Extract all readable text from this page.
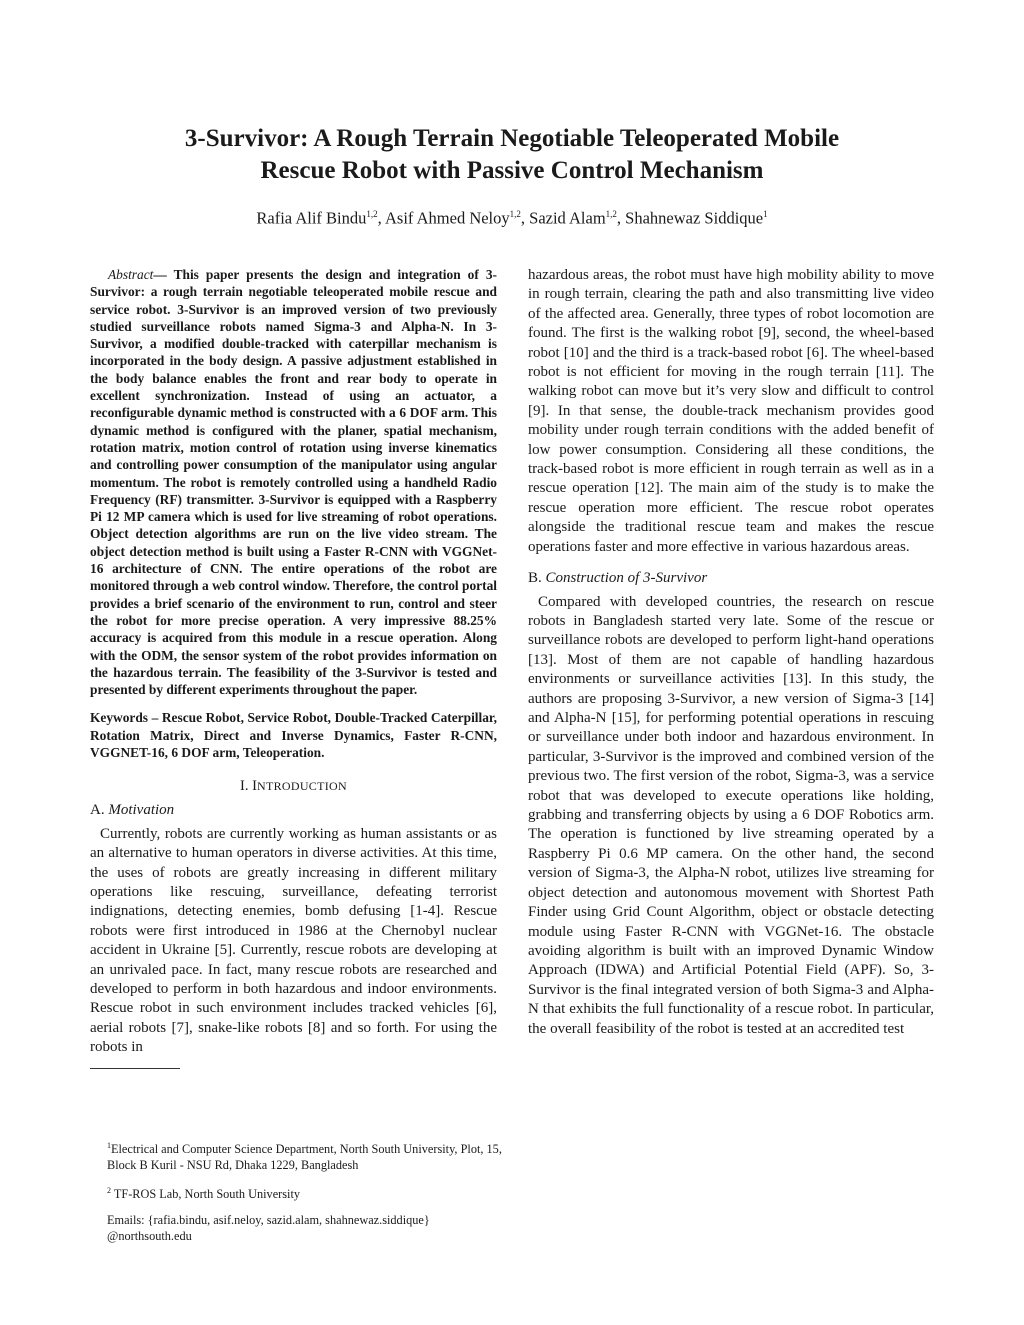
3-Survivor: A Rough Terrain Negotiable Teleoperated Mobile
Rescue Robot with Passive Control Mechanism
Rafia Alif Bindu$^{1,2}$, Asif Ahmed Neloy$^{1,2}$, Sazid Alam$^{1,2}$, Shahnewaz Siddique$^1$

Abstract— This paper presents the design and integration of 3-Survivor: a rough terrain negotiable teleoperated mobile rescue and service robot. 3-Survivor is an improved version of two previously studied surveillance robots named Sigma-3 and Alpha-N. In 3-Survivor, a modified double-tracked with caterpillar mechanism is incorporated in the body design. A passive adjustment established in the body balance enables the front and rear body to operate in excellent synchronization. Instead of using an actuator, a reconfigurable dynamic method is constructed with a 6 DOF arm. This dynamic method is configured with the planer, spatial mechanism, rotation matrix, motion control of rotation using inverse kinematics and controlling power consumption of the manipulator using angular momentum. The robot is remotely controlled using a handheld Radio Frequency (RF) transmitter. 3-Survivor is equipped with a Raspberry Pi 12 MP camera which is used for live streaming of robot operations. Object detection algorithms are run on the live video stream. The object detection method is built using a Faster R-CNN with VGGNet-16 architecture of CNN. The entire operations of the robot are monitored through a web control window. Therefore, the control portal provides a brief scenario of the environment to run, control and steer the robot for more precise operation. A very impressive 88.25% accuracy is acquired from this module in a rescue operation. Along with the ODM, the sensor system of the robot provides information on the hazardous terrain. The feasibility of the 3-Survivor is tested and presented by different experiments throughout the paper.

Keywords – Rescue Robot, Service Robot, Double-Tracked Caterpillar, Rotation Matrix, Direct and Inverse Dynamics, Faster R-CNN, VGGNET-16, 6 DOF arm, Teleoperation.

I. INTRODUCTION
A. Motivation

Currently, robots are currently working as human assistants or as an alternative to human operators in diverse activities. At this time, the uses of robots are greatly increasing in different military operations like rescuing, surveillance, defeating terrorist indignations, detecting enemies, bomb defusing [1-4]. Rescue robots were first introduced in 1986 at the Chernobyl nuclear accident in Ukraine [5]. Currently, rescue robots are developing at an unrivaled pace. In fact, many rescue robots are researched and developed to perform in both hazardous and indoor environments. Rescue robot in such environment includes tracked vehicles [6], aerial robots [7], snake-like robots [8] and so forth. For using the robots in

hazardous areas, the robot must have high mobility ability to move in rough terrain, clearing the path and also transmitting live video of the affected area. Generally, three types of robot locomotion are found. The first is the walking robot [9], second, the wheel-based robot [10] and the third is a track-based robot [6]. The wheel-based robot is not efficient for moving in the rough terrain [11]. The walking robot can move but it’s very slow and difficult to control [9]. In that sense, the double-track mechanism provides good mobility under rough terrain conditions with the added benefit of low power consumption. Considering all these conditions, the track-based robot is more efficient in rough terrain as well as in a rescue operation [12]. The main aim of the study is to make the rescue operation more efficient. The rescue robot operates alongside the traditional rescue team and makes the rescue operations faster and more effective in various hazardous areas.

B. Construction of 3-Survivor

Compared with developed countries, the research on rescue robots in Bangladesh started very late. Some of the rescue or surveillance robots are developed to perform light-hand operations [13]. Most of them are not capable of handling hazardous environments or surveillance activities [13]. In this study, the authors are proposing 3-Survivor, a new version of Sigma-3 [14] and Alpha-N [15], for performing potential operations in rescuing or surveillance under both indoor and hazardous environment. In particular, 3-Survivor is the improved and combined version of the previous two. The first version of the robot, Sigma-3, was a service robot that was developed to execute operations like holding, grabbing and transferring objects by using a 6 DOF Robotics arm. The operation is functioned by live streaming operated by a Raspberry Pi 0.6 MP camera. On the other hand, the second version of Sigma-3, the Alpha-N robot, utilizes live streaming for object detection and autonomous movement with Shortest Path Finder using Grid Count Algorithm, object or obstacle detecting module using Faster R-CNN with VGGNet-16. The obstacle avoiding algorithm is built with an improved Dynamic Window Approach (IDWA) and Artificial Potential Field (APF). So, 3-Survivor is the final integrated version of both Sigma-3 and Alpha-N that exhibits the full functionality of a rescue robot. In particular, the overall feasibility of the robot is tested at an accredited test

$^1$Electrical and Computer Science Department, North South University, Plot, 15, Block B Kuril - NSU Rd, Dhaka 1229, Bangladesh

$^2$ TF-ROS Lab, North South University

Emails: {rafia.bindu, asif.neloy, sazid.alam, shahnewaz.siddique}
@northsouth.edu
